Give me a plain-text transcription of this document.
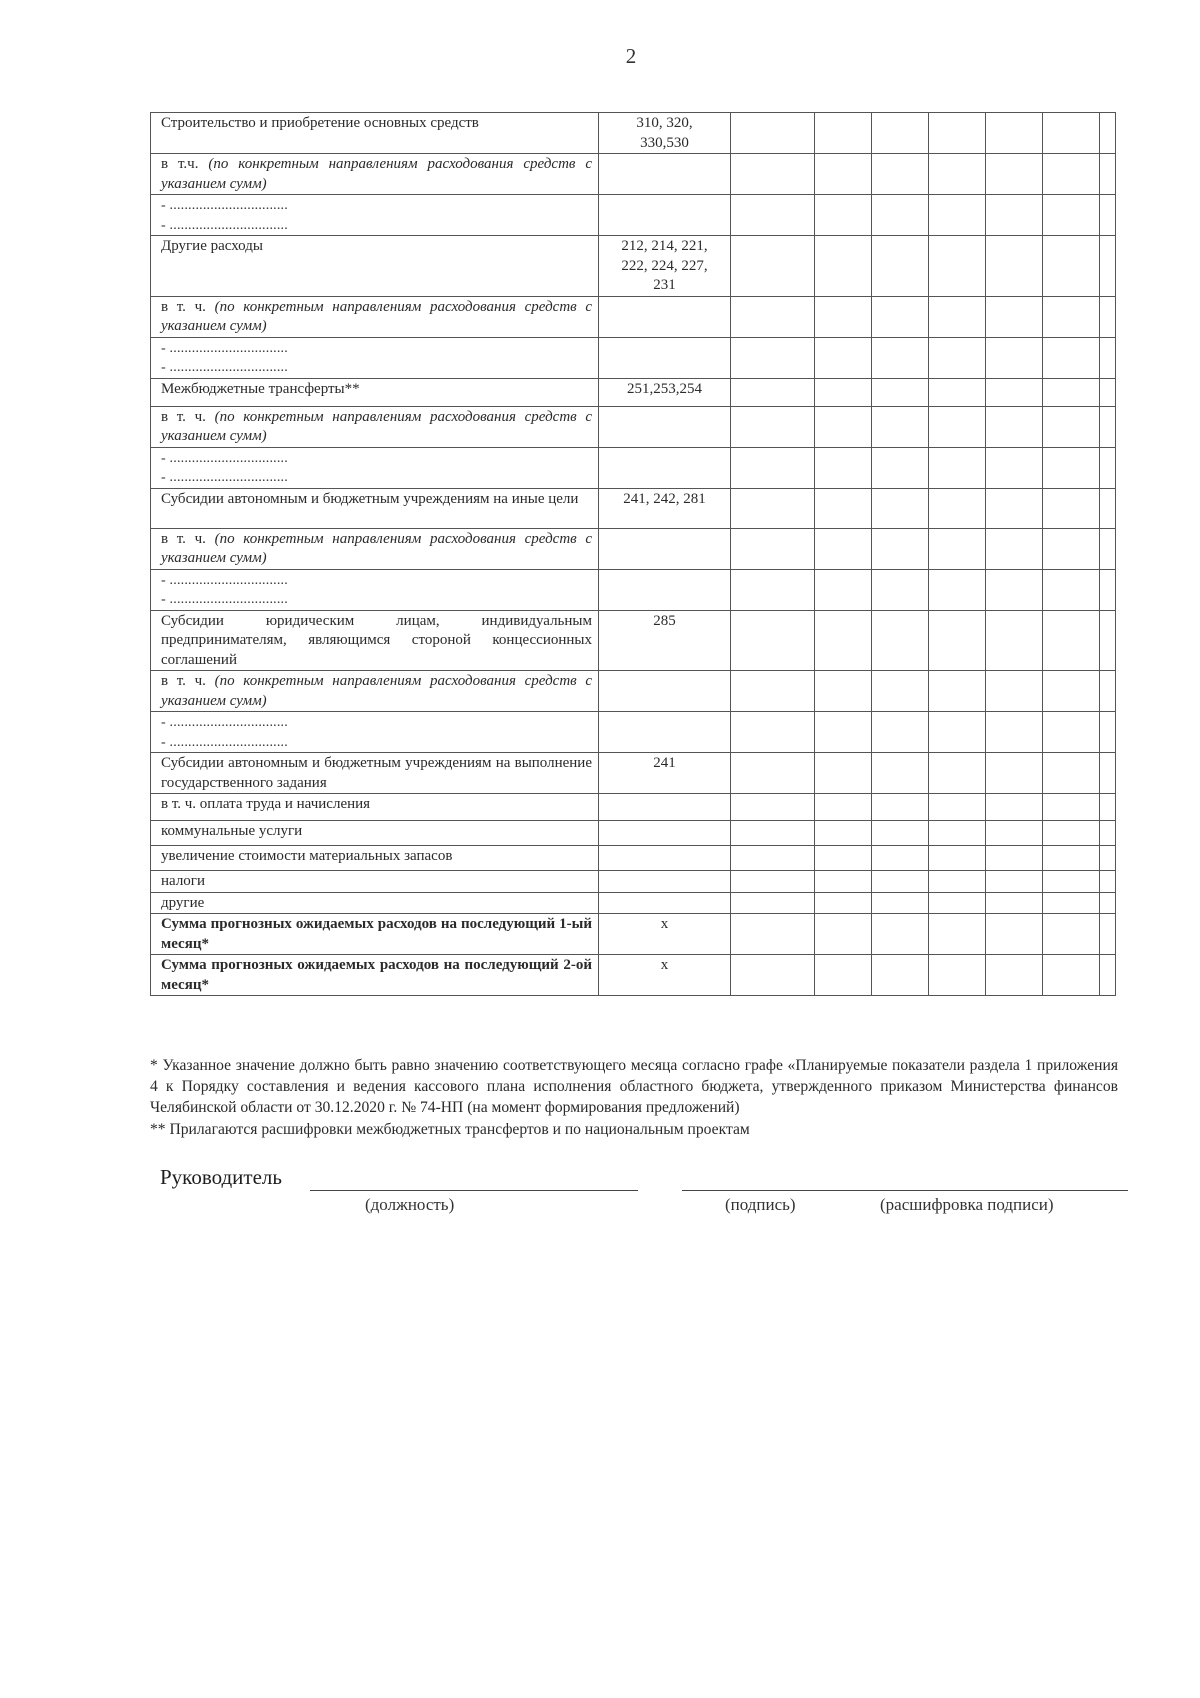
2
Строительство и приобретение основных средств	310, 320,
330,530							
в т.ч. (по конкретным направлениям расходования средств с указанием сумм)								
- ................................
- ................................								
Другие расходы	212, 214, 221,
222, 224, 227,
231							
в т. ч. (по конкретным направлениям расходования средств с указанием сумм)								
- ................................
- ................................								
Межбюджетные трансферты**	251,253,254							
в т. ч. (по конкретным направлениям расходования средств с указанием сумм)								
- ................................
- ................................								
Субсидии автономным и бюджетным учреждениям на иные цели	241, 242, 281							
в т. ч. (по конкретным направлениям расходования средств с указанием сумм)								
- ................................
- ................................								
Субсидии юридическим лицам, индивидуальным предпринимателям, являющимся стороной концессионных соглашений	285							
в т. ч. (по конкретным направлениям расходования средств с указанием сумм)								
- ................................
- ................................								
Субсидии автономным и бюджетным учреждениям на выполнение государственного задания	241							
в т. ч. оплата труда и начисления								
коммунальные услуги								
увеличение стоимости материальных запасов								
налоги								
другие								
Сумма прогнозных ожидаемых расходов на последующий 1-ый месяц*	х							
Сумма прогнозных ожидаемых расходов на последующий 2-ой месяц*	х							

* Указанное значение должно быть равно значению соответствующего месяца согласно графе «Планируемые показатели раздела 1 приложения 4 к Порядку составления и ведения кассового плана исполнения областного бюджета, утвержденного приказом Министерства финансов Челябинской области от 30.12.2020 г. № 74-НП (на момент формирования предложений)

** Прилагаются расшифровки межбюджетных трансфертов и по национальным проектам

Руководитель
(должность)	(подпись)	(расшифровка подписи)
